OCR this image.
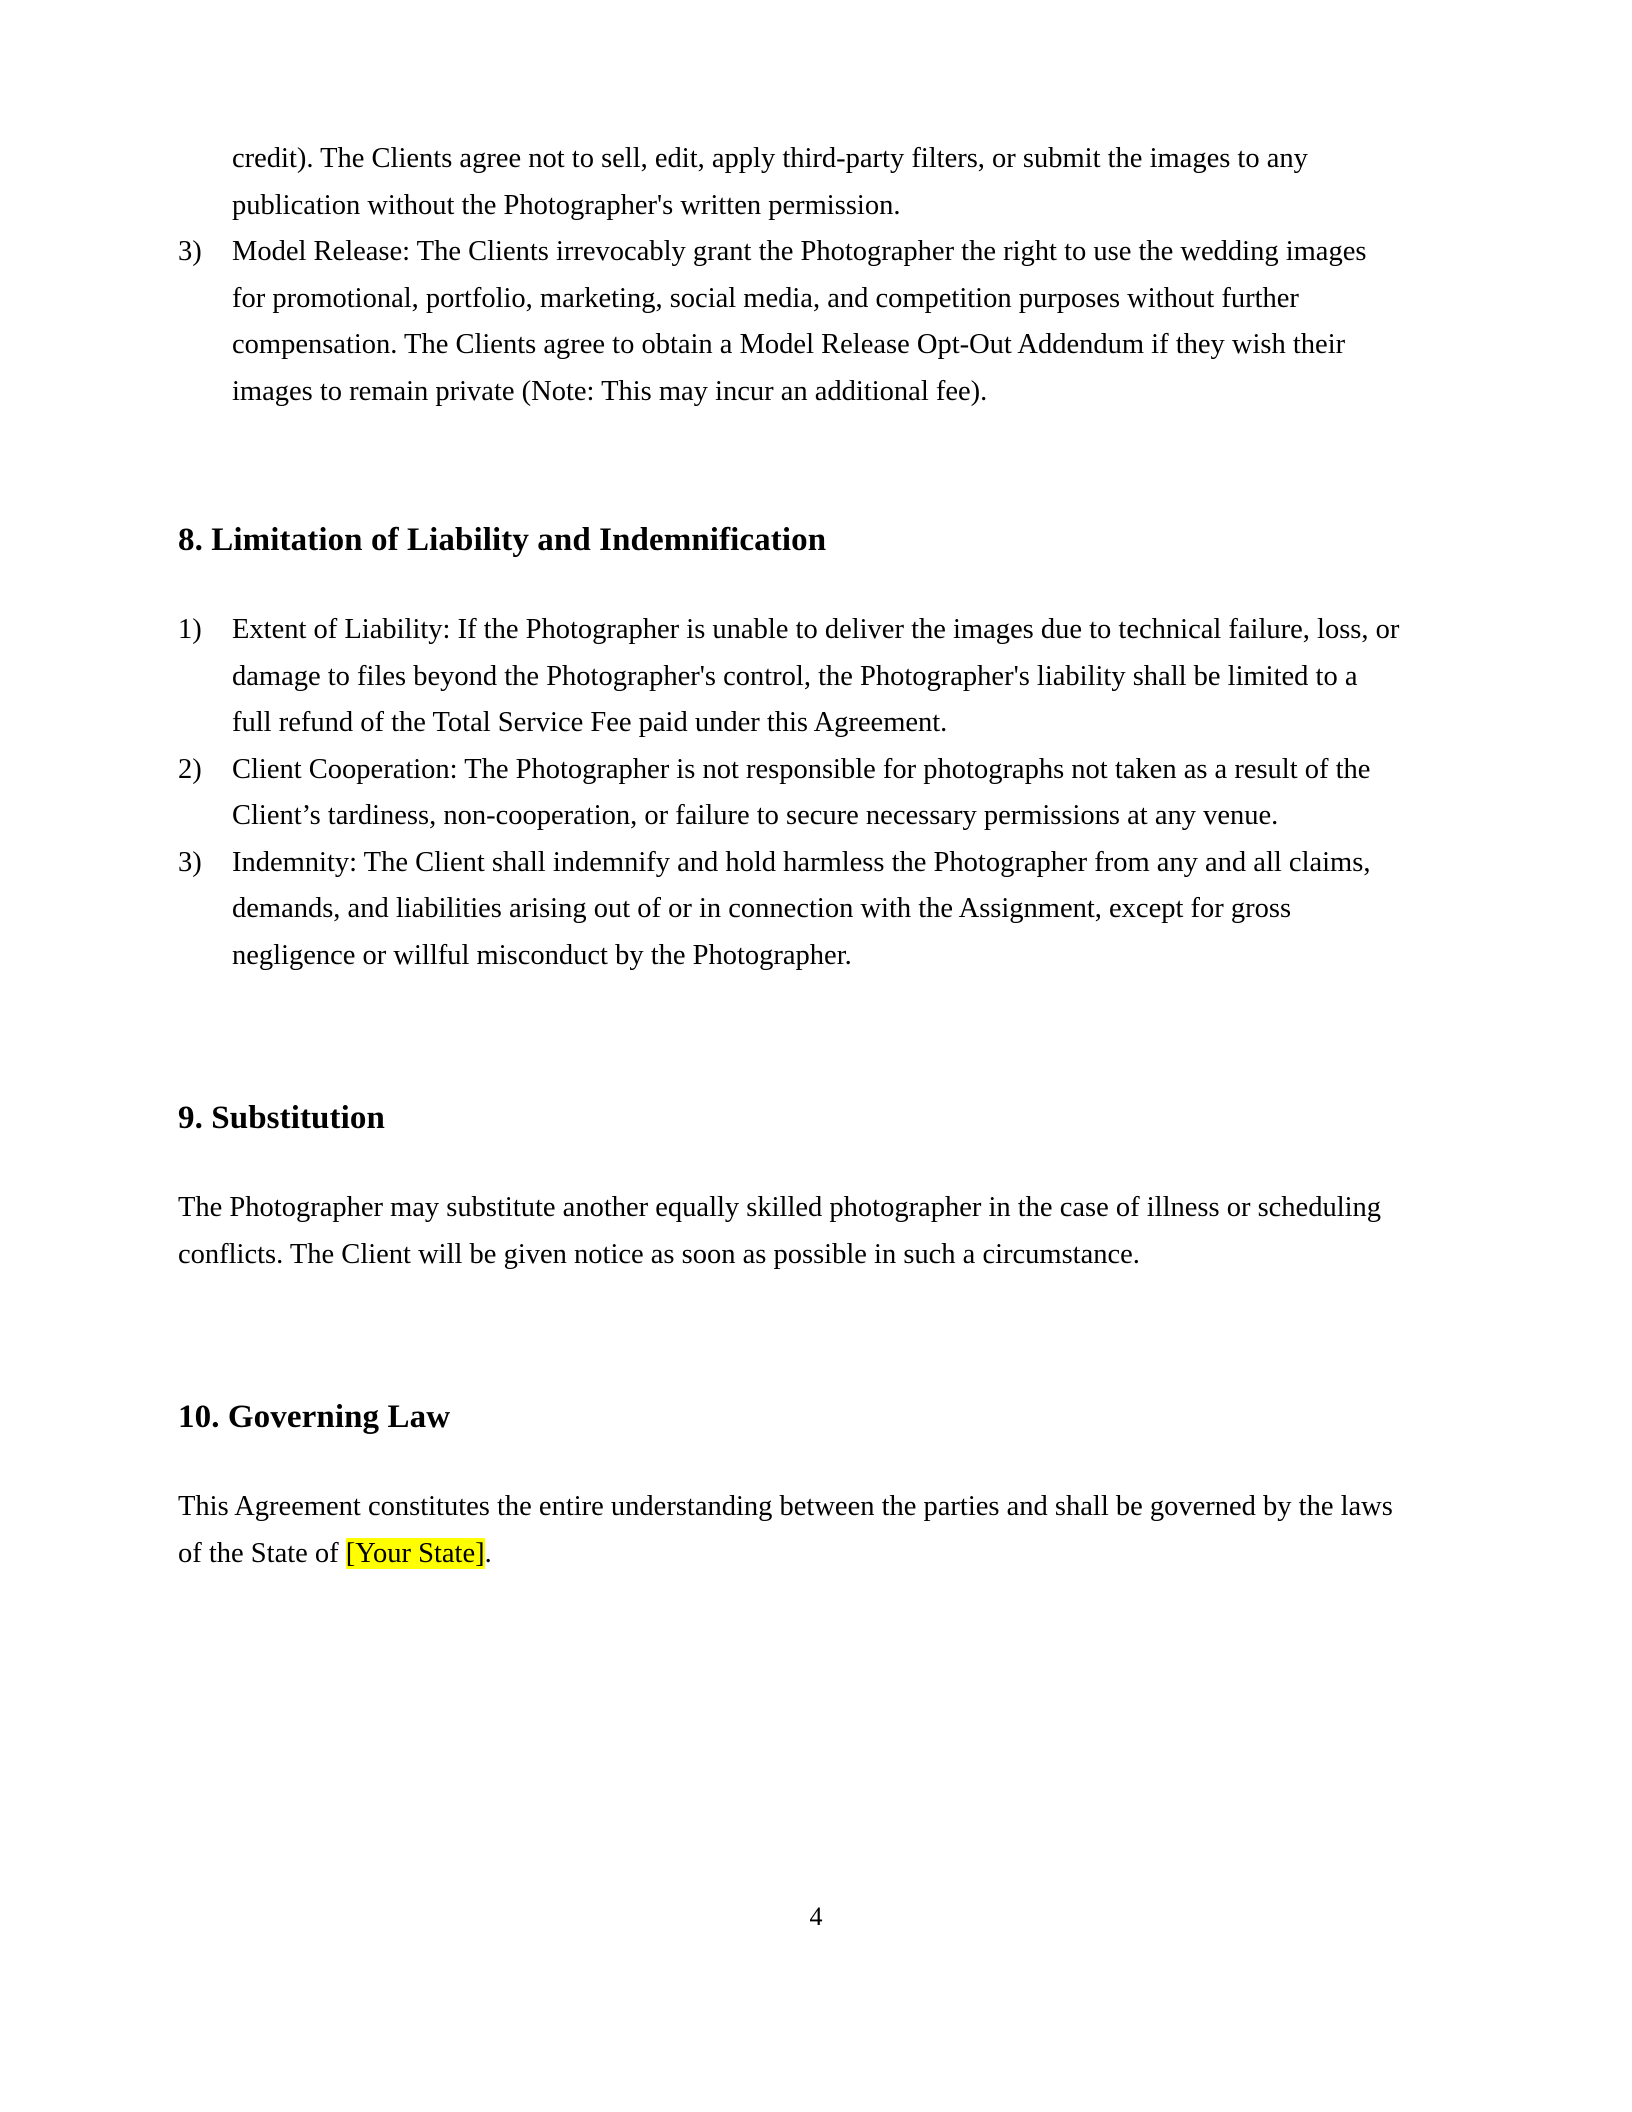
credit). The Clients agree not to sell, edit, apply third-party filters, or submit the images to any publication without the Photographer's written permission.
3)	Model Release: The Clients irrevocably grant the Photographer the right to use the wedding images for promotional, portfolio, marketing, social media, and competition purposes without further compensation. The Clients agree to obtain a Model Release Opt-Out Addendum if they wish their images to remain private (Note: This may incur an additional fee).
8. Limitation of Liability and Indemnification
1)	Extent of Liability: If the Photographer is unable to deliver the images due to technical failure, loss, or damage to files beyond the Photographer's control, the Photographer's liability shall be limited to a full refund of the Total Service Fee paid under this Agreement.
2)	Client Cooperation: The Photographer is not responsible for photographs not taken as a result of the Client’s tardiness, non-cooperation, or failure to secure necessary permissions at any venue.
3)	Indemnity: The Client shall indemnify and hold harmless the Photographer from any and all claims, demands, and liabilities arising out of or in connection with the Assignment, except for gross negligence or willful misconduct by the Photographer.
9. Substitution

The Photographer may substitute another equally skilled photographer in the case of illness or scheduling conflicts. The Client will be given notice as soon as possible in such a circumstance.

10. Governing Law

This Agreement constitutes the entire understanding between the parties and shall be governed by the laws of the State of [Your State].

4
